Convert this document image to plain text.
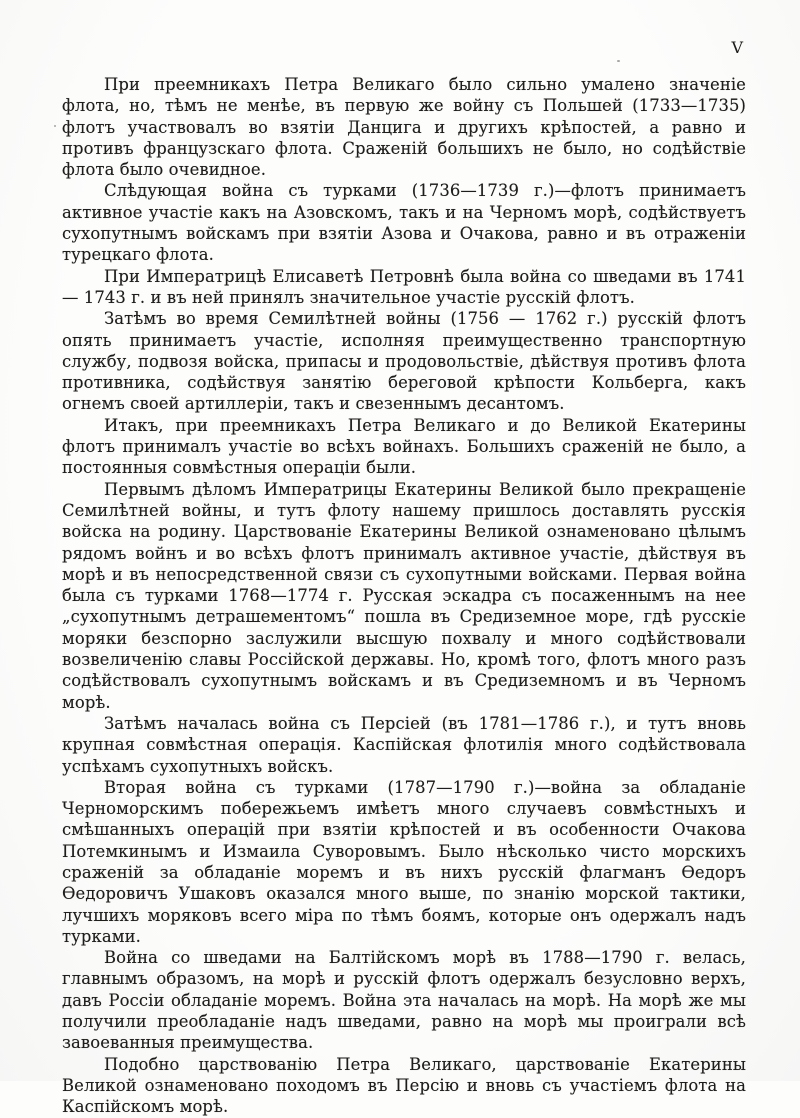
V

При преемникахъ Петра Великаго было сильно умалено значеніе флота, но, тѣмъ не менѣе, въ первую же войну съ Польшей (1733—1735) флотъ участвовалъ во взятіи Данцига и другихъ крѣпостей, а равно и противъ французскаго флота. Сраженій большихъ не было, но содѣйствіе флота было очевидное.

Слѣдующая война съ турками (1736—1739 г.)—флотъ принимаетъ активное участіе какъ на Азовскомъ, такъ и на Черномъ морѣ, содѣйствуетъ сухопутнымъ войскамъ при взятіи Азова и Очакова, равно и въ отраженіи турецкаго флота.

При Императрицѣ Елисаветѣ Петровнѣ была война со шведами въ 1741 — 1743 г. и въ ней принялъ значительное участіе русскій флотъ.

Затѣмъ во время Семилѣтней войны (1756 — 1762 г.) русскій флотъ опять принимаетъ участіе, исполняя преимущественно транспортную службу, подвозя войска, припасы и продовольствіе, дѣйствуя противъ флота противника, содѣйствуя занятію береговой крѣпости Кольберга, какъ огнемъ своей артиллеріи, такъ и свезеннымъ десантомъ.

Итакъ, при преемникахъ Петра Великаго и до Великой Екатерины флотъ принималъ участіе во всѣхъ войнахъ. Большихъ сраженій не было, а постоянныя совмѣстныя операціи были.

Первымъ дѣломъ Императрицы Екатерины Великой было прекращеніе Семилѣтней войны, и тутъ флоту нашему пришлось доставлять русскія войска на родину. Царствованіе Екатерины Великой ознаменовано цѣлымъ рядомъ войнъ и во всѣхъ флотъ принималъ активное участіе, дѣйствуя въ морѣ и въ непосредственной связи съ сухопутными войсками. Первая война была съ турками 1768—1774 г. Русская эскадра съ посаженнымъ на нее „сухопутнымъ детрашементомъ“ пошла въ Средиземное море, гдѣ русскіе моряки безспорно заслужили высшую похвалу и много содѣйствовали возвеличенію славы Россійской державы. Но, кромѣ того, флотъ много разъ содѣйствовалъ сухопутнымъ войскамъ и въ Средиземномъ и въ Черномъ морѣ.

Затѣмъ началась война съ Персіей (въ 1781—1786 г.), и тутъ вновь крупная совмѣстная операція. Каспійская флотилія много содѣйствовала успѣхамъ сухопутныхъ войскъ.

Вторая война съ турками (1787—1790 г.)—война за обладаніе Черноморскимъ побережьемъ имѣетъ много случаевъ совмѣстныхъ и смѣшанныхъ операцій при взятіи крѣпостей и въ особенности Очакова Потемкинымъ и Измаила Суворовымъ. Было нѣсколько чисто морскихъ сраженій за обладаніе моремъ и въ нихъ русскій флагманъ Ѳедоръ Ѳедоровичъ Ушаковъ оказался много выше, по знанію морской тактики, лучшихъ моряковъ всего міра по тѣмъ боямъ, которые онъ одержалъ надъ турками.

Война со шведами на Балтійскомъ морѣ въ 1788—1790 г. велась, главнымъ образомъ, на морѣ и русскій флотъ одержалъ безусловно верхъ, давъ Россіи обладаніе моремъ. Война эта началась на морѣ. На морѣ же мы получили преобладаніе надъ шведами, равно на морѣ мы проиграли всѣ завоеванныя преимущества.

Подобно царствованію Петра Великаго, царствованіе Екатерины Великой ознаменовано походомъ въ Персію и вновь съ участіемъ флота на Каспійскомъ морѣ.
